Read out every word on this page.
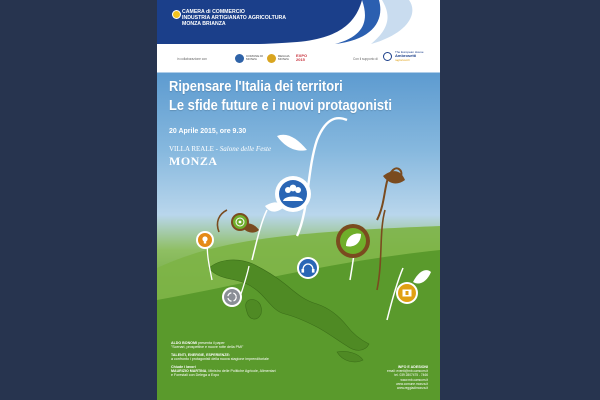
CAMERA di COMMERCIO
INDUSTRIA ARTIGIANATO AGRICOLTURA
MONZA BRIANZA
in collaborazione con
COMUNE DI
MONZA
REGGIA
MONZA
EXPO
2015	Con il supporto di
The European House
Ambrosetti
ragionevoli
Ripensare l'Italia dei territori
Le sfide future e i nuovi protagonisti
20 Aprile 2015, ore 9.30
VILLA REALE - Salone delle Feste
MONZA
ALDO BONOMI presenta il paper
"Scenari, prospettive e nuove rotte della PMI"
TALENTI, ENERGIE, ESPERIENZE:
a confronto i protagonisti della nuova stagione imprenditoriale
Chiude i lavori
MAURIZIO MARTINA, Ministro delle Politiche Agricole, Alimentari
e Forestali con Delega a Expo
INFO E ADESIONI
email: eventi@mb.camcom.it
tel. 039 2807475 - 7466
www.mb.camcom.it
www.comune.monza.it
www.reggiadimonza.it
